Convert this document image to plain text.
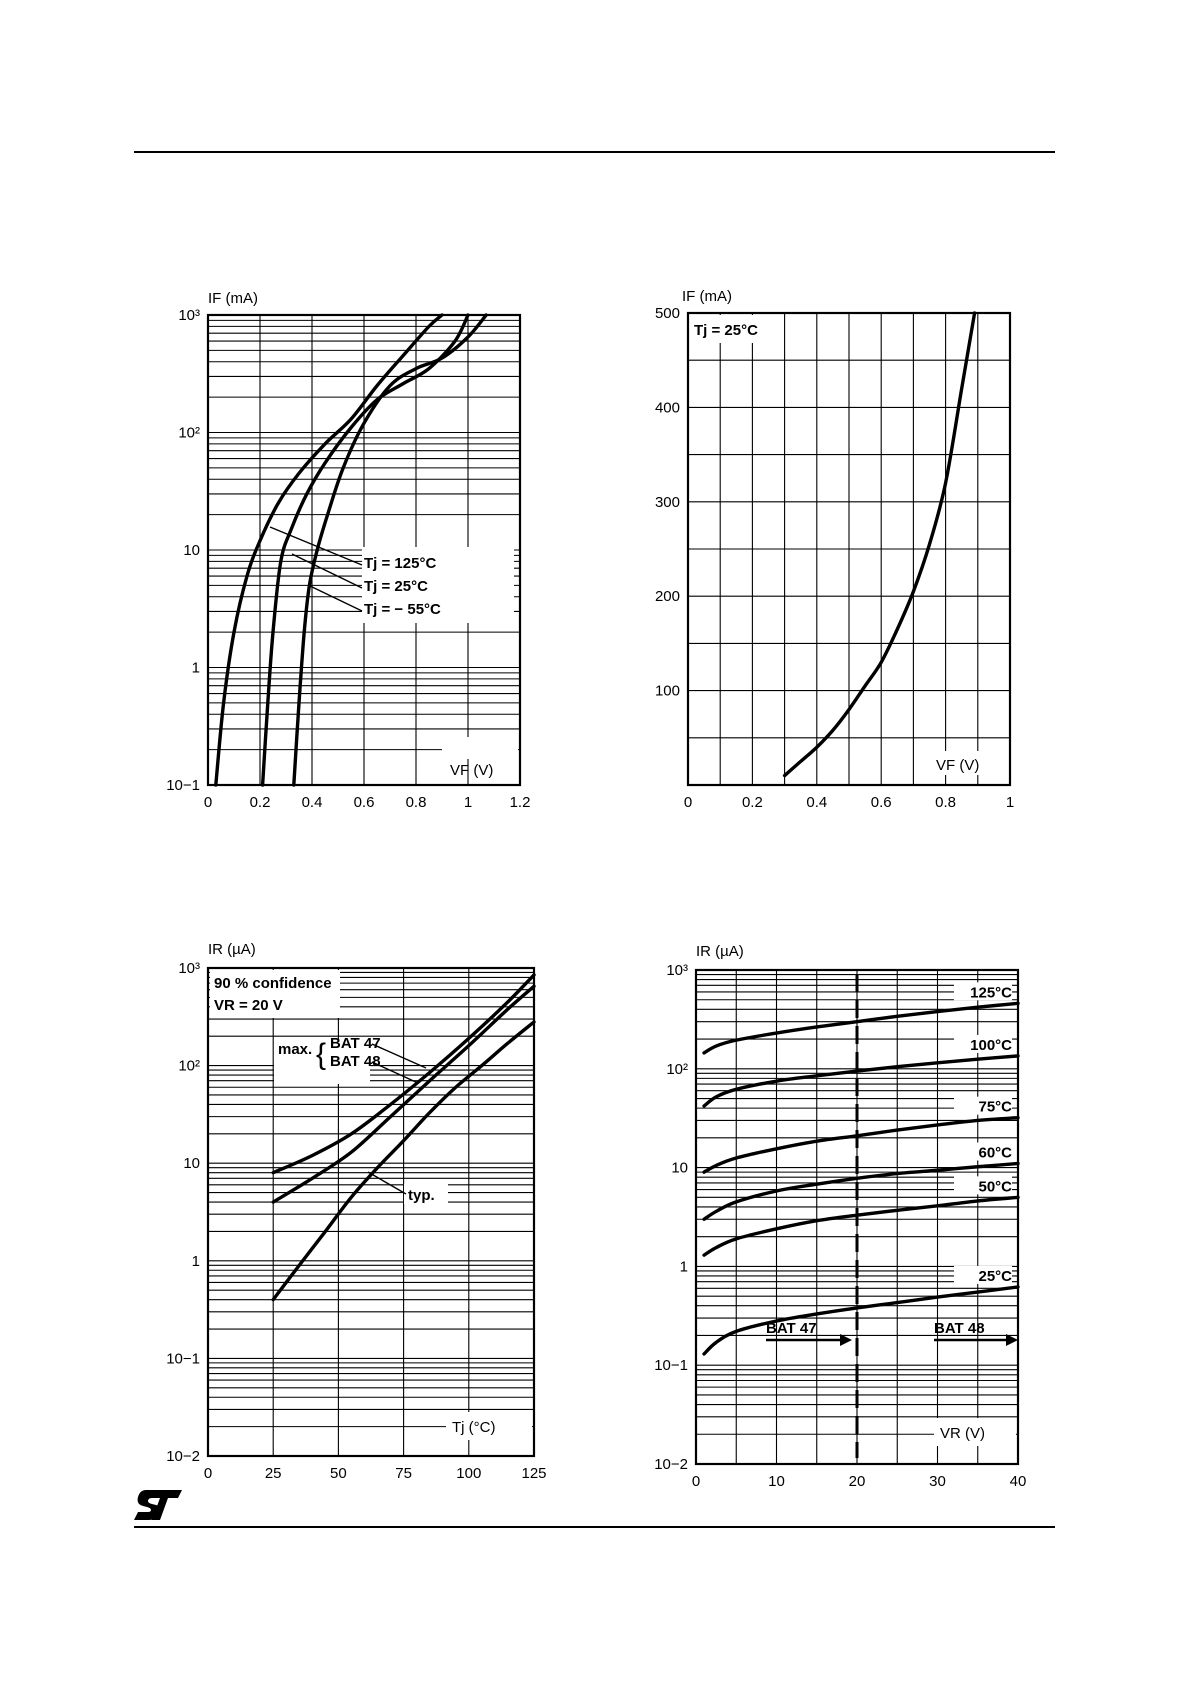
0 0.2 0.4 0.6 0.8 1 1.2
10−1
1
10
10²
10³
IF (mA)
VF (V)
Tj = 125°C
Tj = 25°C
Tj = − 55°C
0	0.2	0.4	0.6	0.8	1
100
200
300
400
500
IF (mA)
Tj = 25°C
VF (V)
0	25	50	75	100	125
10−2
10−1
1
10
10²
10³
IR (µA)
90 % confidence
VR = 20 V
max. { BAT 47
BAT 48
typ.
Tj (°C)
0	10	20	30	40
10−2
10−1
1
10
10²
10³
125°C
100°C
75°C
60°C
50°C
25°C
IR (µA)
VR (V)
BAT 47	BAT 48
